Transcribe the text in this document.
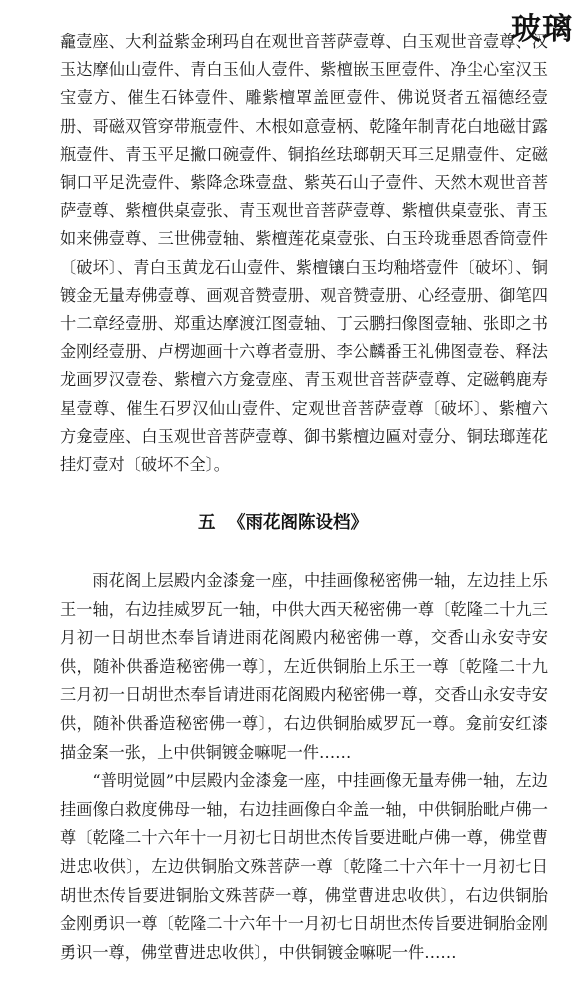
玻璃
龕壹座、大利益紫金琍玛自在观世音菩萨壹尊、白玉观世音壹尊、汉玉达摩仙山壹件、青白玉仙人壹件、紫檀嵌玉匣壹件、净尘心室汉玉宝壹方、催生石钵壹件、雕紫檀罩盖匣壹件、佛说贤者五福德经壹册、哥磁双管穿带瓶壹件、木根如意壹柄、乾隆年制青花白地磁甘露瓶壹件、青玉平足撇口碗壹件、铜掐丝珐瑯朝天耳三足鼎壹件、定磁铜口平足洗壹件、紫降念珠壹盘、紫英石山子壹件、天然木观世音菩萨壹尊、紫檀供桌壹张、青玉观世音菩萨壹尊、紫檀供桌壹张、青玉如来佛壹尊、三世佛壹轴、紫檀莲花桌壹张、白玉玲珑垂恩香筒壹件〔破坏〕、青白玉黄龙石山壹件、紫檀镶白玉均釉塔壹件〔破坏〕、铜镀金无量寿佛壹尊、画观音赞壹册、观音赞壹册、心经壹册、御笔四十二章经壹册、郑重达摩渡江图壹轴、丁云鹏扫像图壹轴、张即之书金刚经壹册、卢楞迦画十六尊者壹册、李公麟番王礼佛图壹卷、释法龙画罗汉壹卷、紫檀六方龛壹座、青玉观世音菩萨壹尊、定磁鹌鹿寿星壹尊、催生石罗汉仙山壹件、定观世音菩萨壹尊〔破坏〕、紫檀六方龛壹座、白玉观世音菩萨壹尊、御书紫檀边匾对壹分、铜珐瑯莲花挂灯壹对〔破坏不全〕。
五 《雨花阁陈设档》

雨花阁上层殿内金漆龛一座，中挂画像秘密佛一轴，左边挂上乐王一轴，右边挂威罗瓦一轴，中供大西天秘密佛一尊〔乾隆二十九三月初一日胡世杰奉旨请进雨花阁殿内秘密佛一尊，交香山永安寺安供，随补供番造秘密佛一尊〕，左近供铜胎上乐王一尊〔乾隆二十九三月初一日胡世杰奉旨请进雨花阁殿内秘密佛一尊，交香山永安寺安供，随补供番造秘密佛一尊〕，右边供铜胎威罗瓦一尊。龛前安红漆描金案一张，上中供铜镀金嘛呢一件……

“普明觉圆”中层殿内金漆龛一座，中挂画像无量寿佛一轴，左边挂画像白救度佛母一轴，右边挂画像白伞盖一轴，中供铜胎毗卢佛一尊〔乾隆二十六年十一月初七日胡世杰传旨要进毗卢佛一尊，佛堂曹进忠收供〕，左边供铜胎文殊菩萨一尊〔乾隆二十六年十一月初七日胡世杰传旨要进铜胎文殊菩萨一尊，佛堂曹进忠收供〕，右边供铜胎金刚勇识一尊〔乾隆二十六年十一月初七日胡世杰传旨要进铜胎金刚勇识一尊，佛堂曹进忠收供〕，中供铜镀金嘛呢一件……
